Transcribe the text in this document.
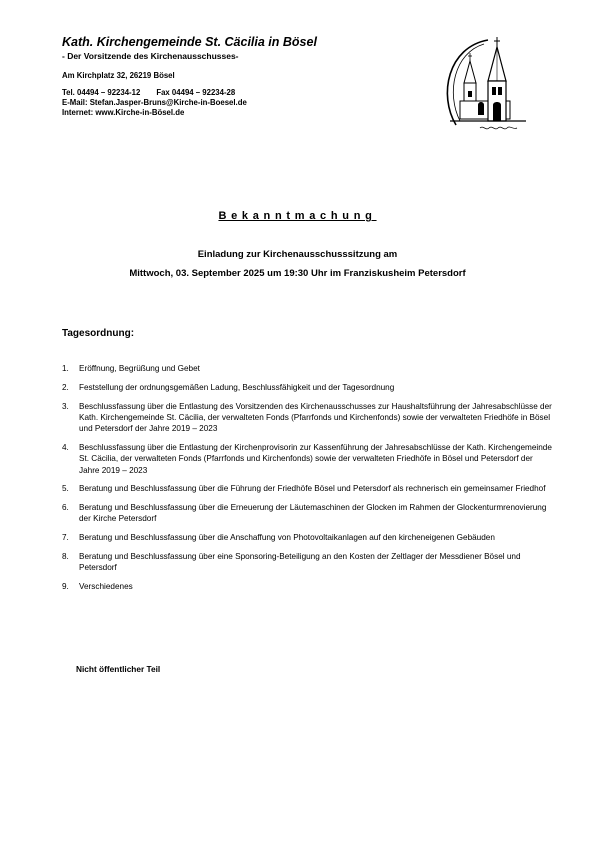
Kath. Kirchengemeinde St. Cäcilia in Bösel
- Der Vorsitzende des Kirchenausschusses-
Am Kirchplatz 32, 26219 Bösel
Tel. 04494 – 92234-12 Fax 04494 – 92234-28
E-Mail: Stefan.Jasper-Bruns@Kirche-in-Boesel.de
Internet: www.Kirche-in-Bösel.de
Bekanntmachung
Einladung zur Kirchenausschusssitzung am
Mittwoch, 03. September 2025 um 19:30 Uhr im Franziskusheim Petersdorf
Tagesordnung:
1. Eröffnung, Begrüßung und Gebet
2. Feststellung der ordnungsgemäßen Ladung, Beschlussfähigkeit und der Tagesordnung
3. Beschlussfassung über die Entlastung des Vorsitzenden des Kirchenausschusses zur Haushaltsführung der Jahresabschlüsse der Kath. Kirchengemeinde St. Cäcilia, der verwalteten Fonds (Pfarrfonds und Kirchenfonds) sowie der verwalteten Friedhöfe in Bösel und Petersdorf der Jahre 2019 – 2023
4. Beschlussfassung über die Entlastung der Kirchenprovisorin zur Kassenführung der Jahresabschlüsse der Kath. Kirchengemeinde St. Cäcilia, der verwalteten Fonds (Pfarrfonds und Kirchenfonds) sowie der verwalteten Friedhöfe in Bösel und Petersdorf der Jahre 2019 – 2023
5. Beratung und Beschlussfassung über die Führung der Friedhöfe Bösel und Petersdorf als rechnerisch ein gemeinsamer Friedhof
6. Beratung und Beschlussfassung über die Erneuerung der Läutemaschinen der Glocken im Rahmen der Glockenturmrenovierung der Kirche Petersdorf
7. Beratung und Beschlussfassung über die Anschaffung von Photovoltaikanlagen auf den kircheneigenen Gebäuden
8. Beratung und Beschlussfassung über eine Sponsoring-Beteiligung an den Kosten der Zeltlager der Messdiener Bösel und Petersdorf
9. Verschiedenes
Nicht öffentlicher Teil
